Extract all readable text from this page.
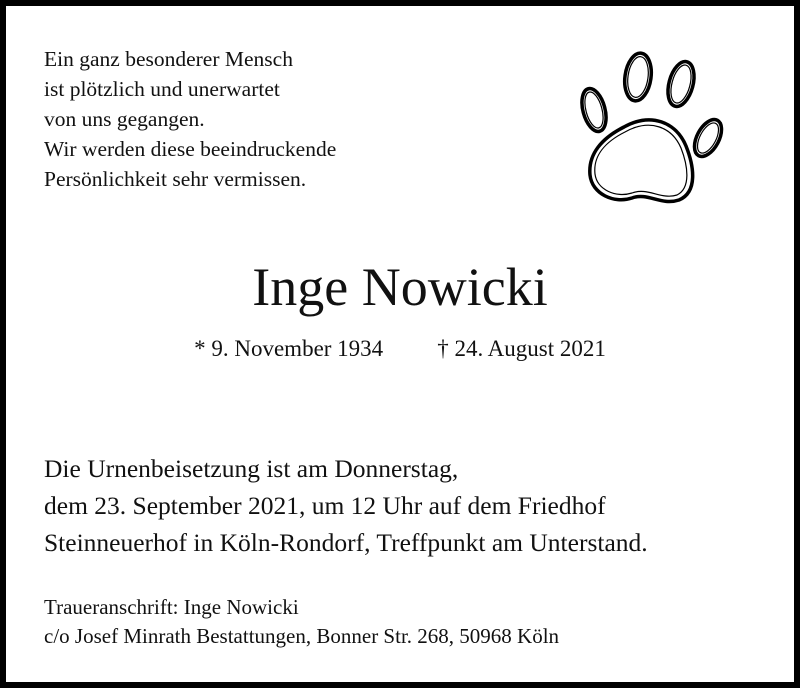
Ein ganz besonderer Mensch
ist plötzlich und unerwartet
von uns gegangen.
Wir werden diese beeindruckende
Persönlichkeit sehr vermissen.
Inge Nowicki
* 9. November 1934 † 24. August 2021
Die Urnenbeisetzung ist am Donnerstag,
dem 23. September 2021, um 12 Uhr auf dem Friedhof
Steinneuerhof in Köln-Rondorf, Treffpunkt am Unterstand.
Traueranschrift: Inge Nowicki
c/o Josef Minrath Bestattungen, Bonner Str. 268, 50968 Köln
